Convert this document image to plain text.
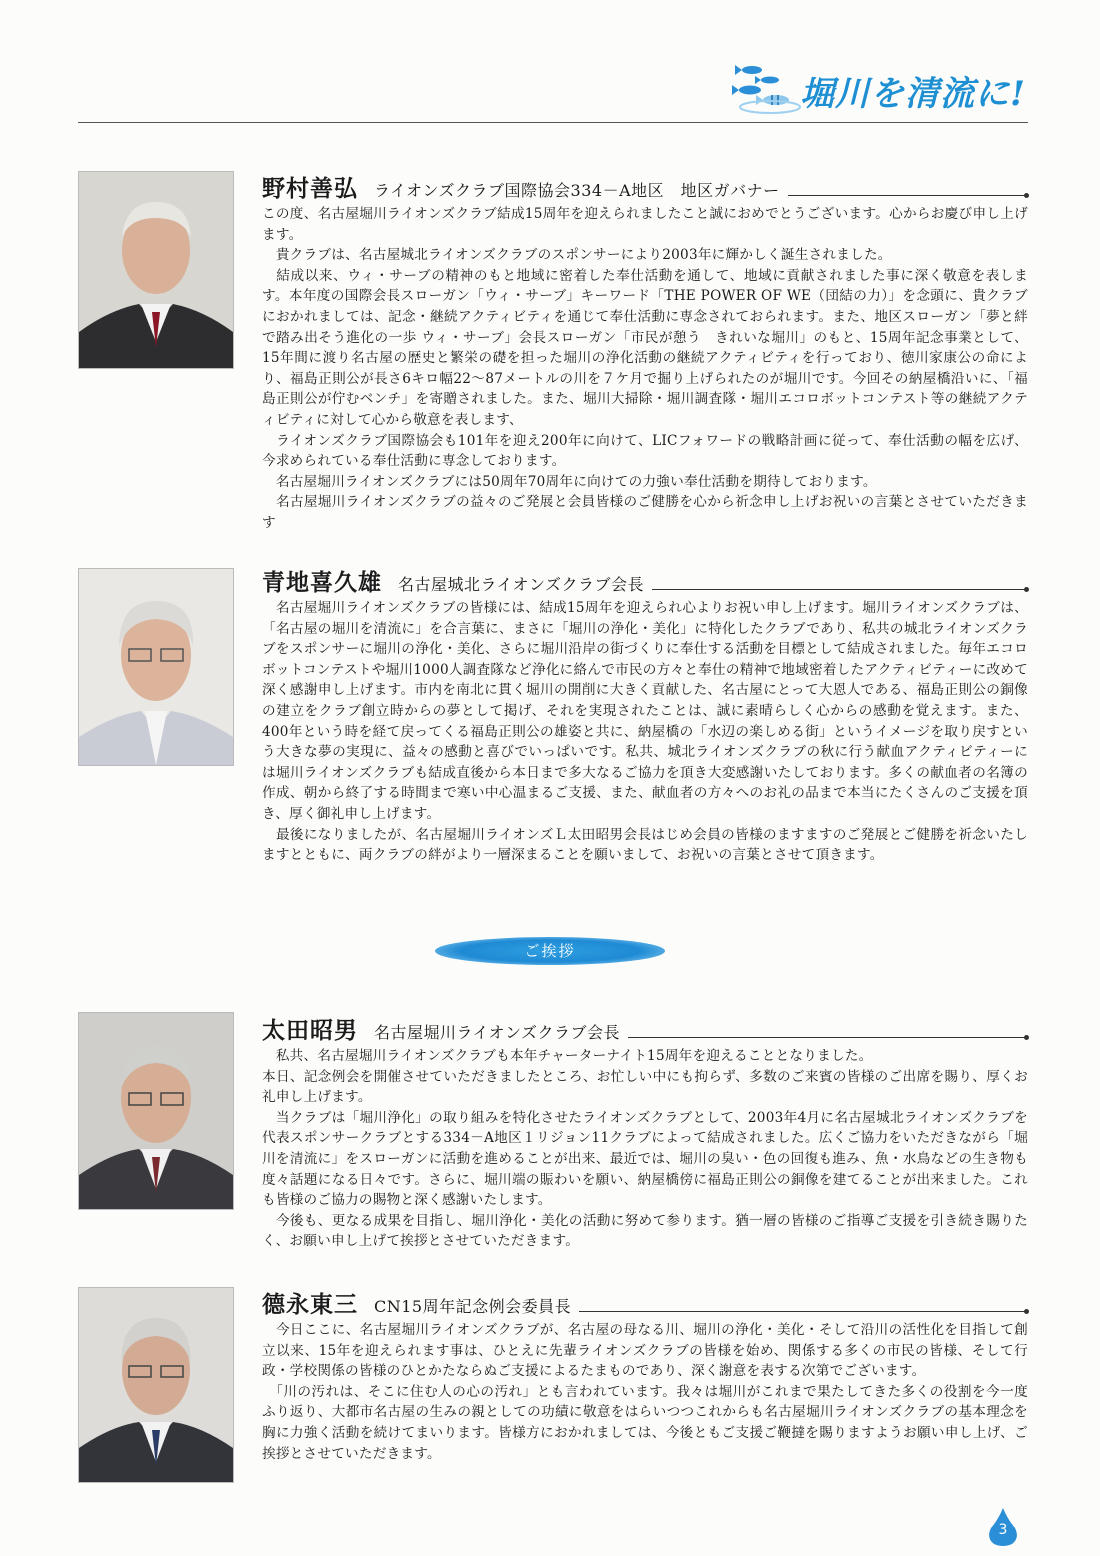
堀川を清流に!
野村善弘 ライオンズクラブ国際協会334－A地区　地区ガバナー

この度、名古屋堀川ライオンズクラブ結成15周年を迎えられましたこと誠におめでとうございます。心からお慶び申し上げます。

　貴クラブは、名古屋城北ライオンズクラブのスポンサーにより2003年に輝かしく誕生されました。

　結成以来、ウィ・サーブの精神のもと地域に密着した奉仕活動を通して、地域に貢献されました事に深く敬意を表します。本年度の国際会長スローガン「ウィ・サーブ」キーワード「THE POWER OF WE（団結の力）」を念頭に、貴クラブにおかれましては、記念・継続アクティビティを通じて奉仕活動に専念されておられます。また、地区スローガン「夢と絆で踏み出そう進化の一歩 ウィ・サーブ」会長スローガン「市民が憩う　きれいな堀川」のもと、15周年記念事業として、15年間に渡り名古屋の歴史と繁栄の礎を担った堀川の浄化活動の継続アクティビティを行っており、徳川家康公の命により、福島正則公が長さ6キロ幅22～87メートルの川を７ケ月で掘り上げられたのが堀川です。今回その納屋橋沿いに、「福島正則公が佇むベンチ」を寄贈されました。また、堀川大掃除・堀川調査隊・堀川エコロボットコンテスト等の継続アクティビティに対して心から敬意を表します、

　ライオンズクラブ国際協会も101年を迎え200年に向けて、LICフォワードの戦略計画に従って、奉仕活動の幅を広げ、今求められている奉仕活動に専念しております。

　名古屋堀川ライオンズクラブには50周年70周年に向けての力強い奉仕活動を期待しております。

　名古屋堀川ライオンズクラブの益々のご発展と会員皆様のご健勝を心から祈念申し上げお祝いの言葉とさせていただきます

青地喜久雄 名古屋城北ライオンズクラブ会長

　名古屋堀川ライオンズクラブの皆様には、結成15周年を迎えられ心よりお祝い申し上げます。堀川ライオンズクラブは、「名古屋の堀川を清流に」を合言葉に、まさに「堀川の浄化・美化」に特化したクラブであり、私共の城北ライオンズクラブをスポンサーに堀川の浄化・美化、さらに堀川沿岸の街づくりに奉仕する活動を目標として結成されました。毎年エコロボットコンテストや堀川1000人調査隊など浄化に絡んで市民の方々と奉仕の精神で地域密着したアクティビティーに改めて深く感謝申し上げます。市内を南北に貫く堀川の開削に大きく貢献した、名古屋にとって大恩人である、福島正則公の銅像の建立をクラブ創立時からの夢として掲げ、それを実現されたことは、誠に素晴らしく心からの感動を覚えます。また、400年という時を経て戻ってくる福島正則公の雄姿と共に、納屋橋の「水辺の楽しめる街」というイメージを取り戻すという大きな夢の実現に、益々の感動と喜びでいっぱいです。私共、城北ライオンズクラブの秋に行う献血アクティビティーには堀川ライオンズクラブも結成直後から本日まで多大なるご協力を頂き大変感謝いたしております。多くの献血者の名簿の作成、朝から終了する時間まで寒い中心温まるご支援、また、献血者の方々へのお礼の品まで本当にたくさんのご支援を頂き、厚く御礼申し上げます。

　最後になりましたが、名古屋堀川ライオンズＬ太田昭男会長はじめ会員の皆様のますますのご発展とご健勝を祈念いたしますとともに、両クラブの絆がより一層深まることを願いまして、お祝いの言葉とさせて頂きます。

ご挨拶
太田昭男 名古屋堀川ライオンズクラブ会長

　私共、名古屋堀川ライオンズクラブも本年チャーターナイト15周年を迎えることとなりました。

本日、記念例会を開催させていただきましたところ、お忙しい中にも拘らず、多数のご来賓の皆様のご出席を賜り、厚くお礼申し上げます。

　当クラブは「堀川浄化」の取り組みを特化させたライオンズクラブとして、2003年4月に名古屋城北ライオンズクラブを代表スポンサークラブとする334－A地区１リジョン11クラブによって結成されました。広くご協力をいただきながら「堀川を清流に」をスローガンに活動を進めることが出来、最近では、堀川の臭い・色の回復も進み、魚・水鳥などの生き物も度々話題になる日々です。さらに、堀川端の賑わいを願い、納屋橋傍に福島正則公の銅像を建てることが出来ました。これも皆様のご協力の賜物と深く感謝いたします。

　今後も、更なる成果を目指し、堀川浄化・美化の活動に努めて参ります。猶一層の皆様のご指導ご支援を引き続き賜りたく、お願い申し上げて挨拶とさせていただきます。

德永東三 CN15周年記念例会委員長

　今日ここに、名古屋堀川ライオンズクラブが、名古屋の母なる川、堀川の浄化・美化・そして沿川の活性化を目指して創立以来、15年を迎えられます事は、ひとえに先輩ライオンズクラブの皆様を始め、関係する多くの市民の皆様、そして行政・学校関係の皆様のひとかたならぬご支援によるたまものであり、深く謝意を表する次第でございます。

　「川の汚れは、そこに住む人の心の汚れ」とも言われています。我々は堀川がこれまで果たしてきた多くの役割を今一度ふり返り、大都市名古屋の生みの親としての功績に敬意をはらいつつこれからも名古屋堀川ライオンズクラブの基本理念を胸に力強く活動を続けてまいります。皆様方におかれましては、今後ともご支援ご鞭撻を賜りますようお願い申し上げ、ご挨拶とさせていただきます。

3
